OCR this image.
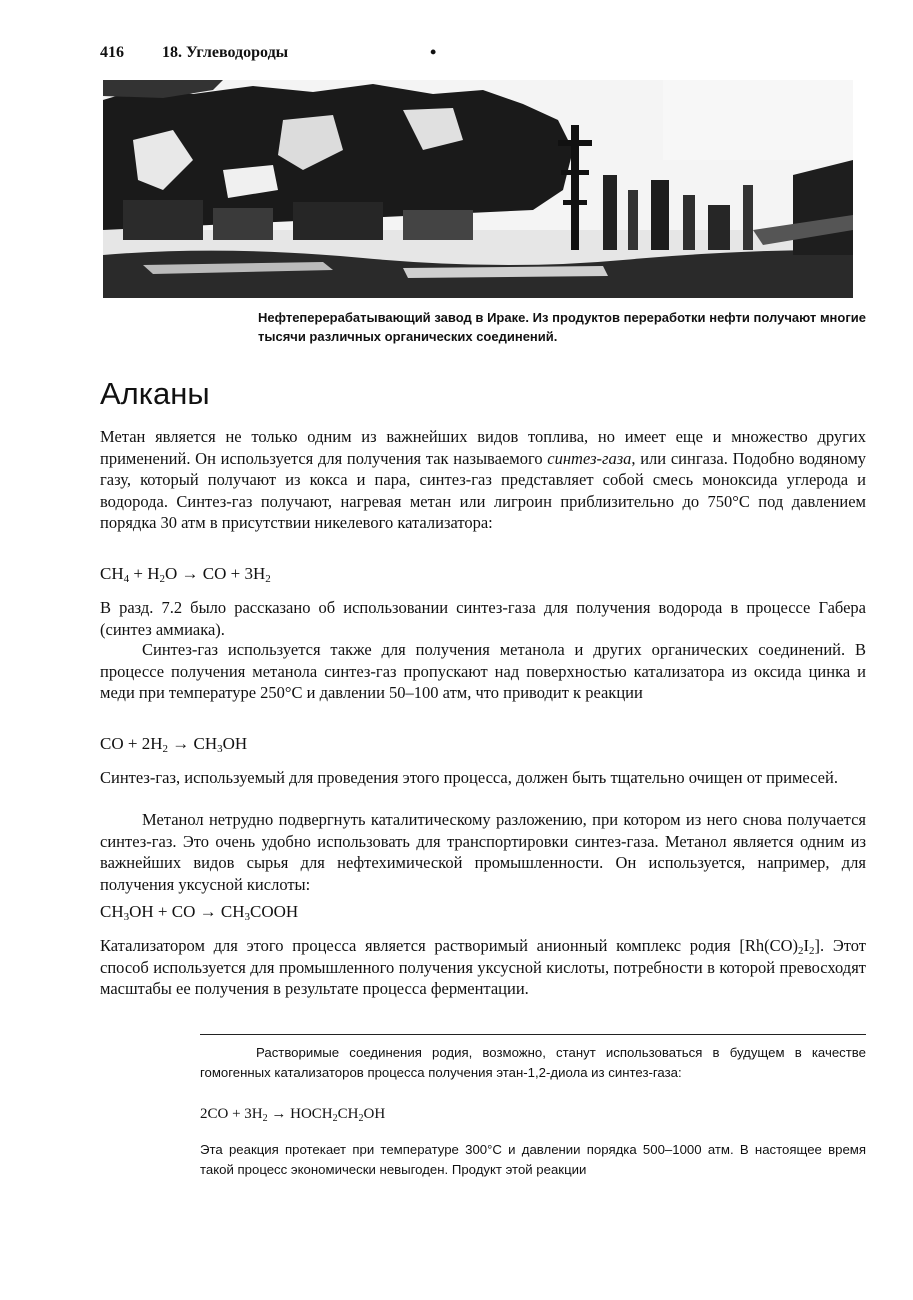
416 18. Углеводороды	•
Нефтеперерабатывающий завод в Ираке. Из продуктов переработки нефти получают многие тысячи различных органических соединений.
Алканы

Метан является не только одним из важнейших видов топлива, но имеет еще и множество других применений. Он используется для получения так называемого синтез-газа, или сингаза. Подобно водяному газу, который получают из кокса и пара, синтез-газ представляет собой смесь моноксида углерода и водорода. Синтез-газ получают, нагревая метан или лигроин приблизительно до 750°С под давлением порядка 30 атм в присутствии никелевого катализатора:

$CH_4 + H_2O$ → CO + $3H_2$

В разд. 7.2 было рассказано об использовании синтез-газа для получения водорода в процессе Габера (синтез аммиака).

Синтез-газ используется также для получения метанола и других органических соединений. В процессе получения метанола синтез-газ пропускают над поверхностью катализатора из оксида цинка и меди при температуре 250°С и давлении 50–100 атм, что приводит к реакции

CO + $2H_2 \to CH_3OH$

Синтез-газ, используемый для проведения этого процесса, должен быть тщательно очищен от примесей.

Метанол нетрудно подвергнуть каталитическому разложению, при котором из него снова получается синтез-газ. Это очень удобно использовать для транспортировки синтез-газа. Метанол является одним из важнейших видов сырья для нефтехимической промышленности. Он используется, например, для получения уксусной кислоты:

$CH_3OH$ + CO → $CH_3COOH$

Катализатором для этого процесса является растворимый анионный комплекс родия $[Rh(CO)_2I_2]$. Этот способ используется для промышленного получения уксусной кислоты, потребности в которой превосходят масштабы ее получения в результате процесса ферментации.

Растворимые соединения родия, возможно, станут использоваться в будущем в качестве гомогенных катализаторов процесса получения этан-1,2-диола из синтез-газа:

$2CO + 3H_2$ → $HOCH_2CH_2OH$

Эта реакция протекает при температуре 300°С и давлении порядка 500–1000 атм. В настоящее время такой процесс экономически невыгоден. Продукт этой реакции
